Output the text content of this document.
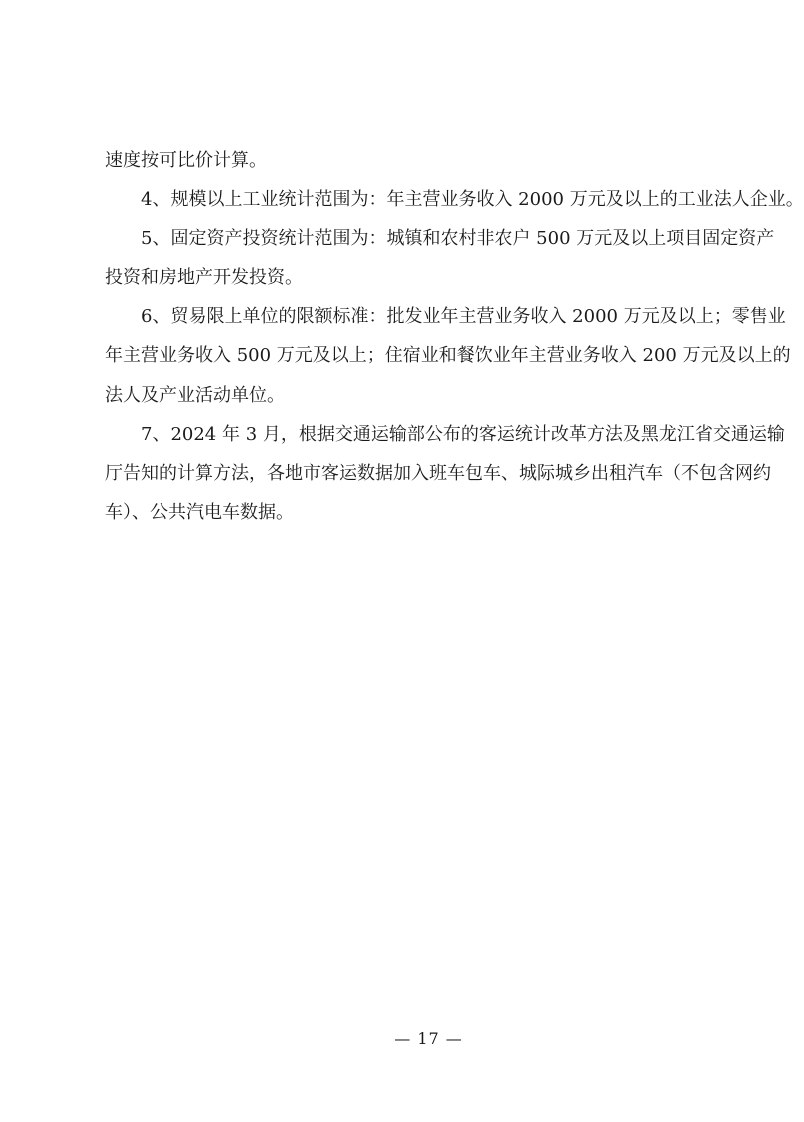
速度按可比价计算。
4、规模以上工业统计范围为：年主营业务收入 2000 万元及以上的工业法人企业。
5、固定资产投资统计范围为：城镇和农村非农户 500 万元及以上项目固定资产
投资和房地产开发投资。
6、贸易限上单位的限额标准：批发业年主营业务收入 2000 万元及以上；零售业
年主营业务收入 500 万元及以上；住宿业和餐饮业年主营业务收入 200 万元及以上的
法人及产业活动单位。
7、2024 年 3 月，根据交通运输部公布的客运统计改革方法及黑龙江省交通运输
厅告知的计算方法，各地市客运数据加入班车包车、城际城乡出租汽车（不包含网约
车）、公共汽电车数据。
— 17 —
